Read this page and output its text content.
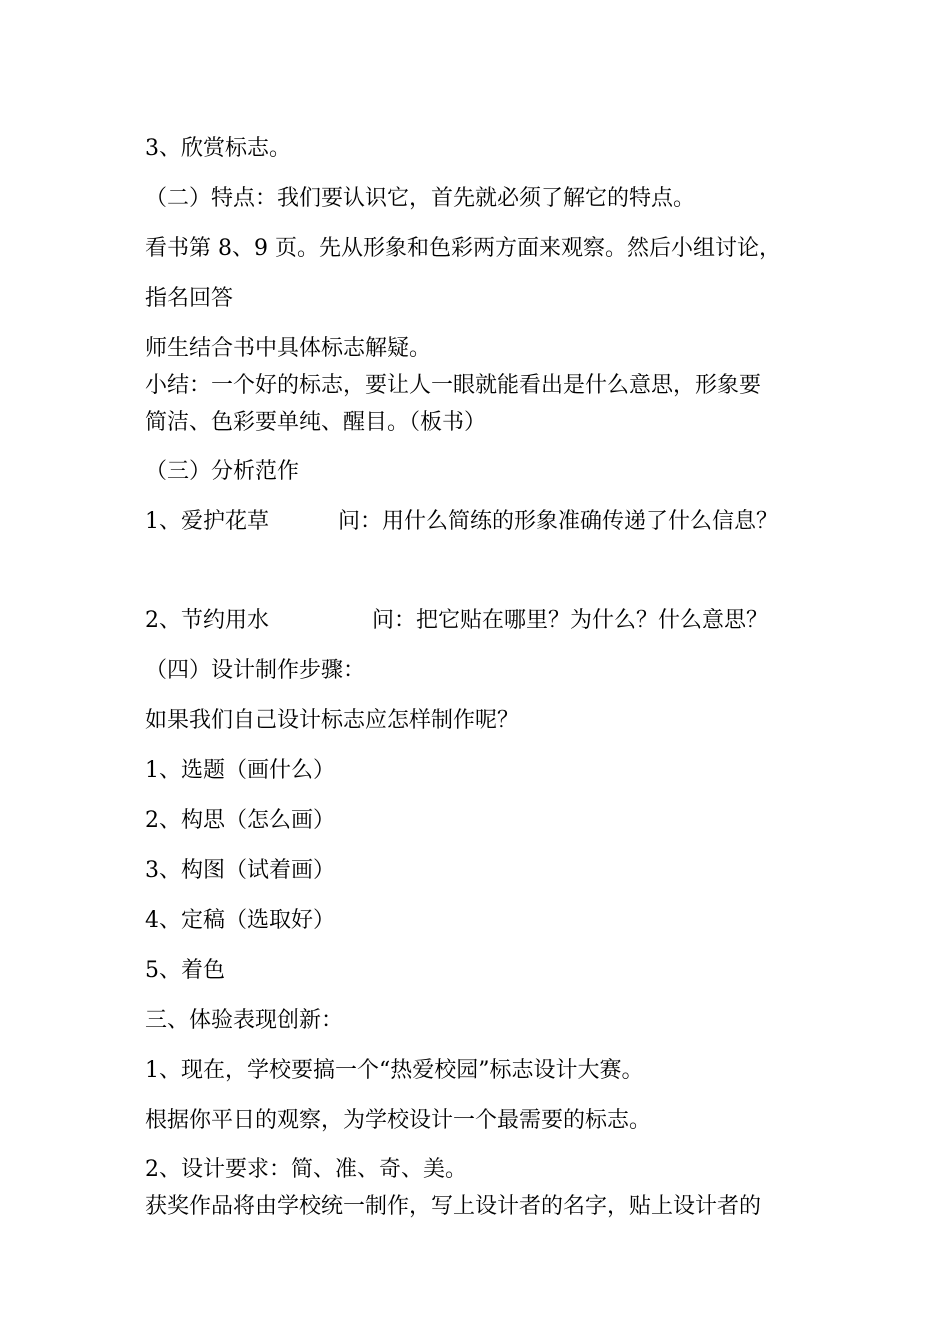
3、欣赏标志。
（二）特点：我们要认识它，首先就必须了解它的特点。
看书第 8、9 页。先从形象和色彩两方面来观察。然后小组讨论，
指名回答
师生结合书中具体标志解疑。
小结：一个好的标志，要让人一眼就能看出是什么意思，形象要
简洁、色彩要单纯、醒目。（板书）
（三）分析范作
1、爱护花草	问：用什么简练的形象准确传递了什么信息？
2、节约用水	问：把它贴在哪里？为什么？什么意思？
（四）设计制作步骤：
如果我们自己设计标志应怎样制作呢？
1、选题（画什么）
2、构思（怎么画）
3、构图（试着画）
4、定稿（选取好）
5、着色
三、体验表现创新：
1、现在，学校要搞一个“热爱校园”标志设计大赛。
根据你平日的观察，为学校设计一个最需要的标志。
2、设计要求：简、准、奇、美。
获奖作品将由学校统一制作，写上设计者的名字，贴上设计者的
